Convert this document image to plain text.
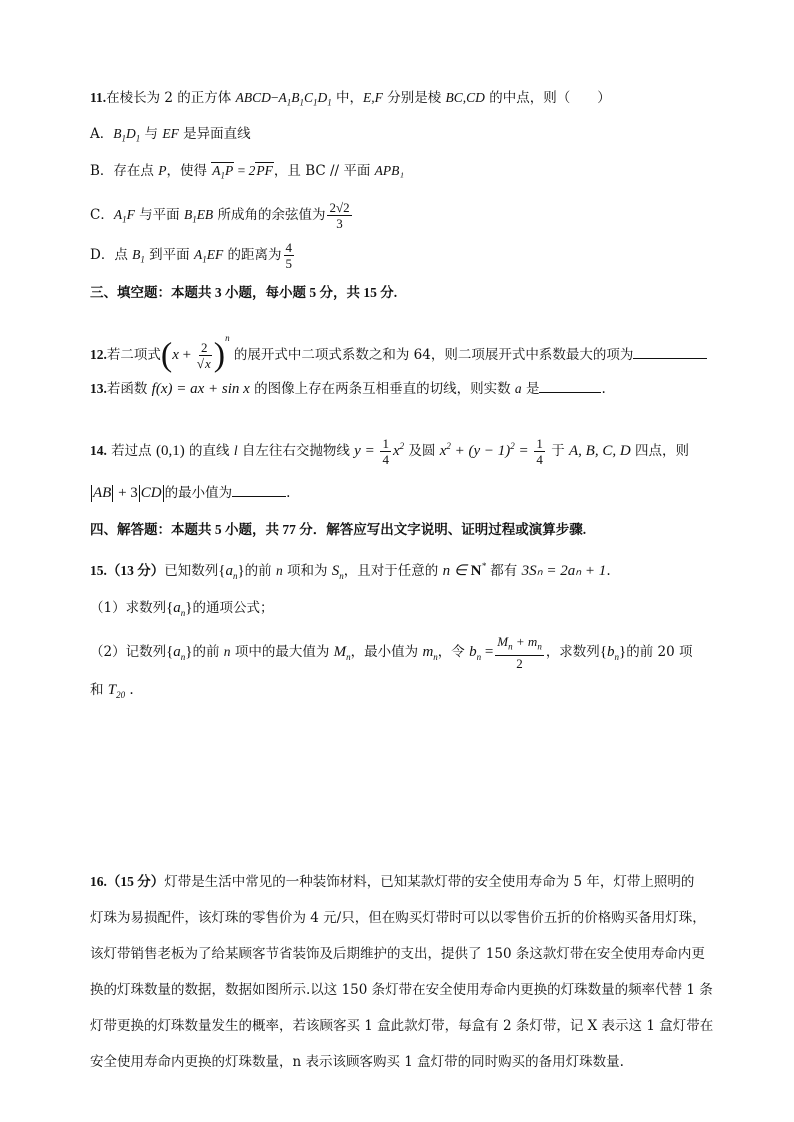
11.在棱长为 2 的正方体 $ABCD-A_1B_1C_1D_1$ 中，E,F 分别是棱 BC,CD 的中点，则（　　）
A．$B_1D_1$ 与 EF 是异面直线
B．存在点 P，使得 $A_1P = 2PF$，且 BC // 平面 APB₁
C．$A_1F$ 与平面 $B_1EB$ 所成角的余弦值为 $\frac{2√2}{3}$
D．点 $B_1$ 到平面 $A_1EF$ 的距离为 $\frac{4}{5}$
三、填空题：本题共 3 小题，每小题 5 分，共 15 分.
12.若二项式$(x + \frac{2}{√x} )^n$ 的展开式中二项式系数之和为 64，则二项展开式中系数最大的项为
13.若函数 f(x) = ax + sin x 的图像上存在两条互相垂直的切线，则实数 a 是	.
14. 若过点 (0,1) 的直线 l 自左往右交抛物线 $y = \frac{1}{4} x^2$ 及圆 $x^2 + (y - 1)^2 = \frac{1}{4}$ 于 A, B, C, D 四点，则
AB + 3 CD 的最小值为	.
四、解答题：本题共 5 小题，共 77 分．解答应写出文字说明、证明过程或演算步骤.
15.（13 分）已知数列$\{a_n\}$的前 n 项和为 $S_n$，且对于任意的 n ∈ N* 都有 3Sₙ = 2aₙ + 1.
（1）求数列$\{a_n\}$的通项公式；
（2）记数列$\{a_n\}$的前 n 项中的最大值为 $M_n$，最小值为 $m_n$，令 $b_n = \frac{M_n + m_n}{2}$ ，求数列$\{b_n\}$的前 20 项
和 $T_{20}$ .
16.（15 分）灯带是生活中常见的一种装饰材料，已知某款灯带的安全使用寿命为 5 年，灯带上照明的
灯珠为易损配件，该灯珠的零售价为 4 元/只，但在购买灯带时可以以零售价五折的价格购买备用灯珠，
该灯带销售老板为了给某顾客节省装饰及后期维护的支出，提供了 150 条这款灯带在安全使用寿命内更
换的灯珠数量的数据，数据如图所示.以这 150 条灯带在安全使用寿命内更换的灯珠数量的频率代替 1 条
灯带更换的灯珠数量发生的概率，若该顾客买 1 盒此款灯带，每盒有 2 条灯带，记 X 表示这 1 盒灯带在
安全使用寿命内更换的灯珠数量，n 表示该顾客购买 1 盒灯带的同时购买的备用灯珠数量.
